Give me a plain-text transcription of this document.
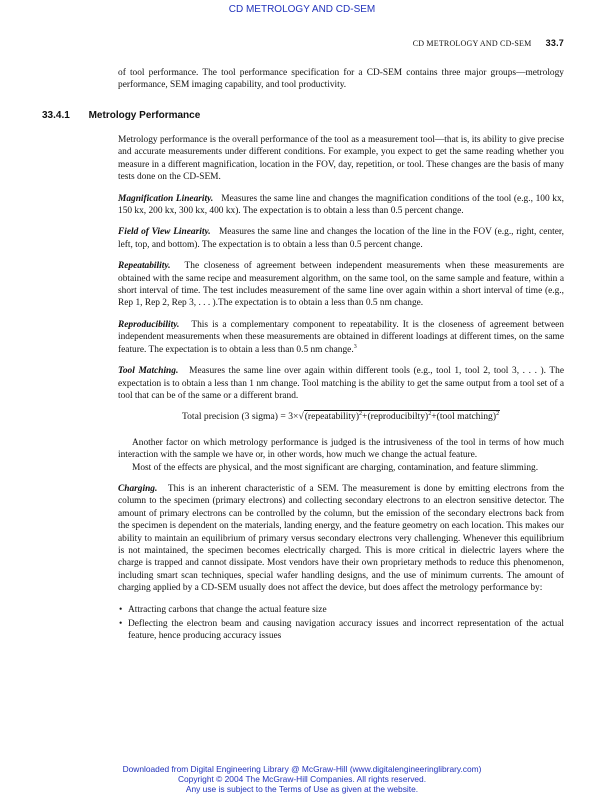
CD METROLOGY AND CD-SEM
CD METROLOGY AND CD-SEM 33.7

of tool performance. The tool performance specification for a CD-SEM contains three major groups—metrology performance, SEM imaging capability, and tool productivity.

33.4.1 Metrology Performance

Metrology performance is the overall performance of the tool as a measurement tool—that is, its ability to give precise and accurate measurements under different conditions. For example, you expect to get the same reading whether you measure in a different magnification, location in the FOV, day, repetition, or tool. These changes are the basis of many tests done on the CD-SEM.

Magnification Linearity. Measures the same line and changes the magnification conditions of the tool (e.g., 100 kx, 150 kx, 200 kx, 300 kx, 400 kx). The expectation is to obtain a less than 0.5 percent change.

Field of View Linearity. Measures the same line and changes the location of the line in the FOV (e.g., right, center, left, top, and bottom). The expectation is to obtain a less than 0.5 percent change.

Repeatability. The closeness of agreement between independent measurements when these measurements are obtained with the same recipe and measurement algorithm, on the same tool, on the same sample and feature, within a short interval of time. The test includes measurement of the same line over again within a short interval of time (e.g., Rep 1, Rep 2, Rep 3, . . . ).The expectation is to obtain a less than 0.5 nm change.

Reproducibility. This is a complementary component to repeatability. It is the closeness of agreement between independent measurements when these measurements are obtained in different loadings at different times, on the same feature. The expectation is to obtain a less than 0.5 nm change.$^3$

Tool Matching. Measures the same line over again within different tools (e.g., tool 1, tool 2, tool 3, . . . ). The expectation is to obtain a less than 1 nm change. Tool matching is the ability to get the same output from a tool set of a tool that can be of the same or a different brand.

Total precision (3 sigma) = 3×√(repeatability)$^2$+(reproducibilty)$^2$+(tool matching)$^2$

Another factor on which metrology performance is judged is the intrusiveness of the tool in terms of how much interaction with the sample we have or, in other words, how much we change the actual feature.

Most of the effects are physical, and the most significant are charging, contamination, and feature slimming.

Charging. This is an inherent characteristic of a SEM. The measurement is done by emitting electrons from the column to the specimen (primary electrons) and collecting secondary electrons to an electron sensitive detector. The amount of primary electrons can be controlled by the column, but the emission of the secondary electrons back from the specimen is dependent on the materials, landing energy, and the feature geometry on each location. This makes our ability to maintain an equilibrium of primary versus secondary electrons very challenging. Whenever this equilibrium is not maintained, the specimen becomes electrically charged. This is more critical in dielectric layers where the charge is trapped and cannot dissipate. Most vendors have their own proprietary methods to reduce this phenomenon, including smart scan techniques, special wafer handling designs, and the use of minimum currents. The amount of charging applied by a CD-SEM usually does not affect the device, but does affect the metrology performance by:

• Attracting carbons that change the actual feature size
• Deflecting the electron beam and causing navigation accuracy issues and incorrect representation of the actual feature, hence producing accuracy issues
Downloaded from Digital Engineering Library @ McGraw-Hill (www.digitalengineeringlibrary.com)
Copyright © 2004 The McGraw-Hill Companies. All rights reserved.
Any use is subject to the Terms of Use as given at the website.
